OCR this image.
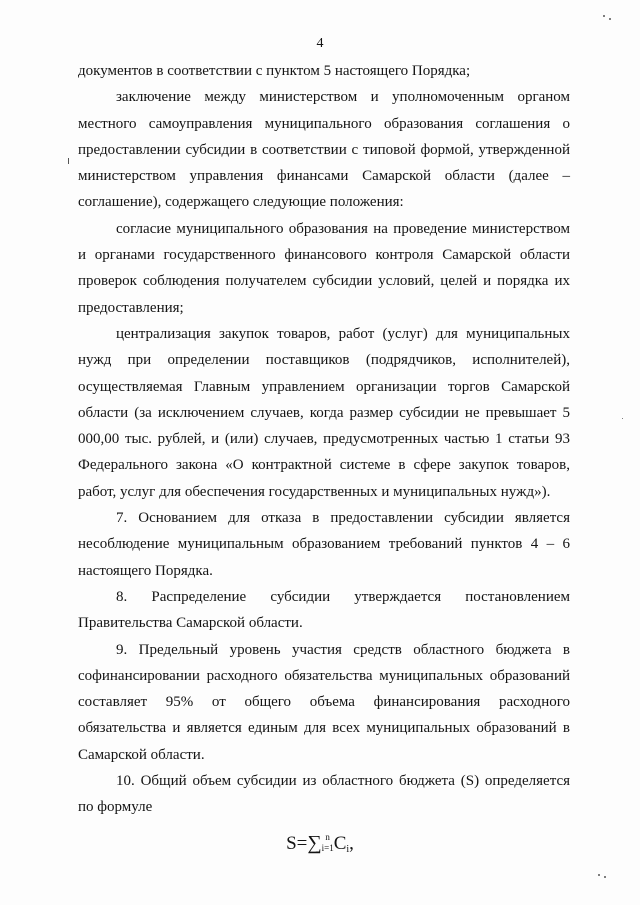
4

документов в соответствии с пунктом 5 настоящего Порядка;

заключение между министерством и уполномоченным органом местного самоуправления муниципального образования соглашения о предоставлении субсидии в соответствии с типовой формой, утвержденной министерством управления финансами Самарской области (далее – соглашение), содержащего следующие положения:

согласие муниципального образования на проведение министерством и органами государственного финансового контроля Самарской области проверок соблюдения получателем субсидии условий, целей и порядка их предоставления;

централизация закупок товаров, работ (услуг) для муниципальных нужд при определении поставщиков (подрядчиков, исполнителей), осуществляемая Главным управлением организации торгов Самарской области (за исключением случаев, когда размер субсидии не превышает 5 000,00 тыс. рублей, и (или) случаев, предусмотренных частью 1 статьи 93 Федерального закона «О контрактной системе в сфере закупок товаров, работ, услуг для обеспечения государственных и муниципальных нужд»).

7. Основанием для отказа в предоставлении субсидии является несоблюдение муниципальным образованием требований пунктов 4 – 6 настоящего Порядка.

8. Распределение субсидии утверждается постановлением Правительства Самарской области.

9. Предельный уровень участия средств областного бюджета в софинансировании расходного обязательства муниципальных образований составляет 95% от общего объема финансирования расходного обязательства и является единым для всех муниципальных образований в Самарской области.

10. Общий объем субсидии из областного бюджета (S) определяется по формуле

S=∑ n
i=1 $C_i$,
